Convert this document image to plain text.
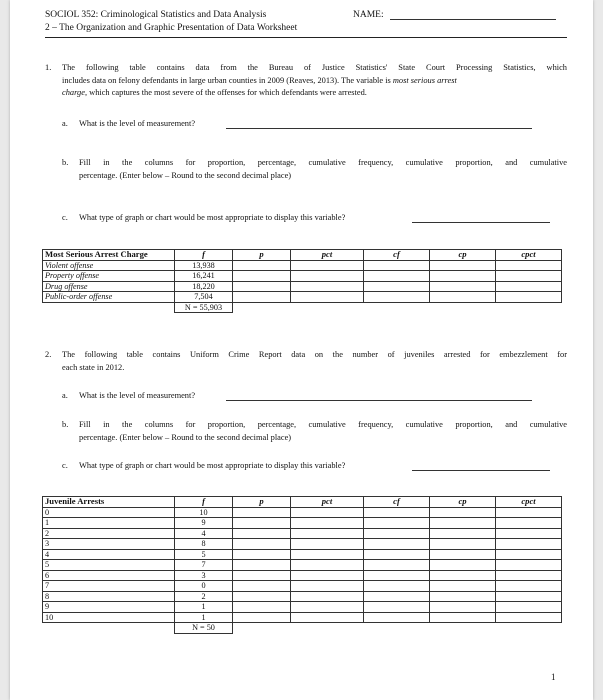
SOCIOL 352: Criminological Statistics and Data Analysis
2 – The Organization and Graphic Presentation of Data Worksheet
NAME:
1. The following table contains data from the Bureau of Justice Statistics' State Court Processing Statistics, which
includes data on felony defendants in large urban counties in 2009 (Reaves, 2013). The variable is most serious arrest
charge, which captures the most severe of the offenses for which defendants were arrested.
a. What is the level of measurement?
b. Fill in the columns for proportion, percentage, cumulative frequency, cumulative proportion, and cumulative
percentage. (Enter below – Round to the second decimal place)
c. What type of graph or chart would be most appropriate to display this variable?
Most Serious Arrest Charge	f	p	pct	cf	cp	cpct
Violent offense	13,938					
Property offense	16,241					
Drug offense	18,220					
Public-order offense	7,504					
	N = 55,903					
2. The following table contains Uniform Crime Report data on the number of juveniles arrested for embezzlement for
each state in 2012.
a. What is the level of measurement?
b. Fill in the columns for proportion, percentage, cumulative frequency, cumulative proportion, and cumulative
percentage. (Enter below – Round to the second decimal place)
c. What type of graph or chart would be most appropriate to display this variable?
Juvenile Arrests	f	p	pct	cf	cp	cpct
0	10					
1	9					
2	4					
3	8					
4	5					
5	7					
6	3					
7	0					
8	2					
9	1					
10	1					
	N = 50					
1
